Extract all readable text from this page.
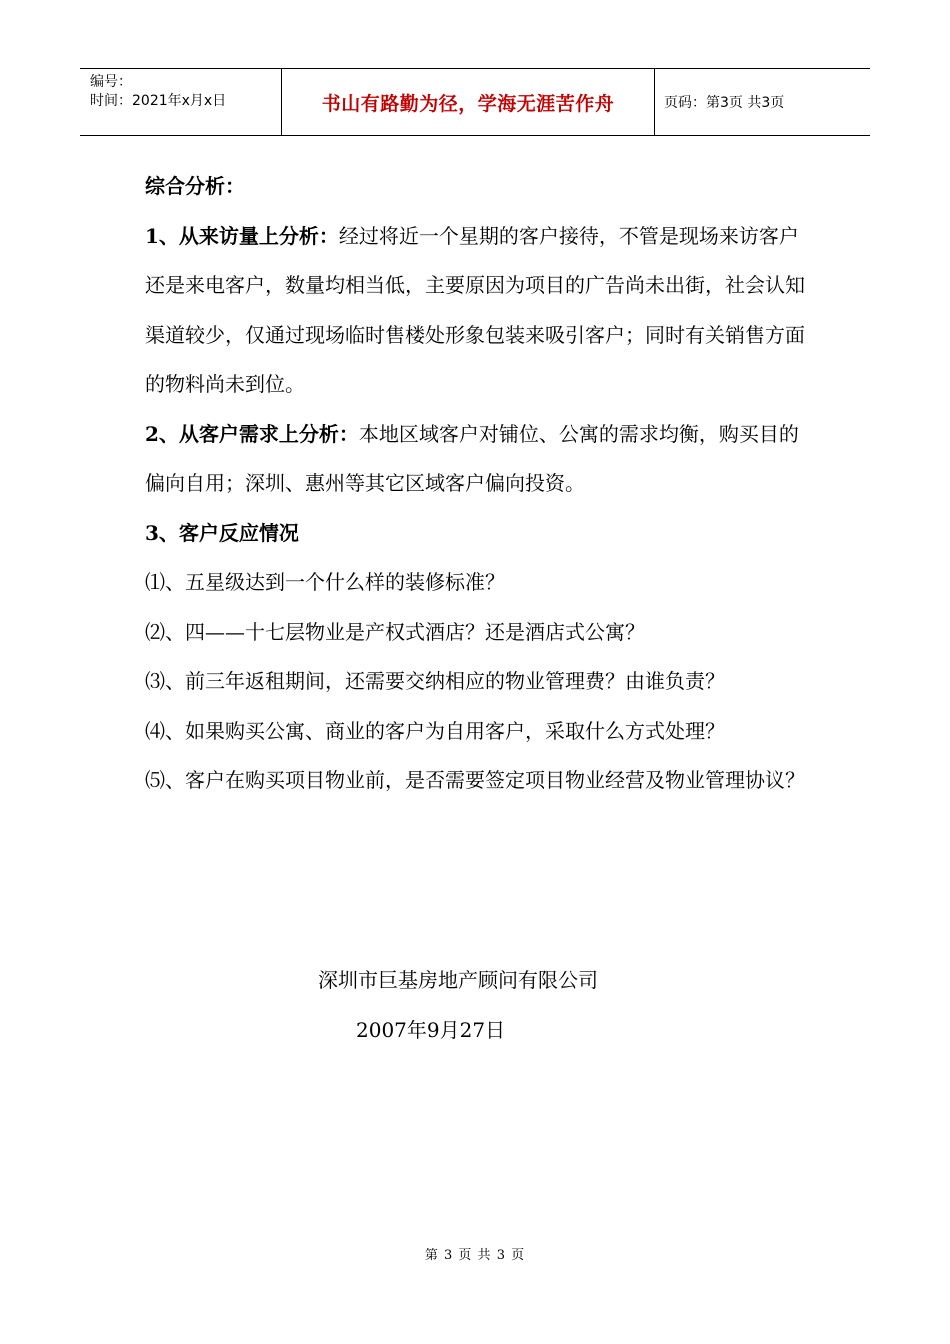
编号：
时间：2021年x月x日	书山有路勤为径，学海无涯苦作舟	页码：第3页 共3页

综合分析：

1、从来访量上分析：经过将近一个星期的客户接待，不管是现场来访客户还是来电客户，数量均相当低，主要原因为项目的广告尚未出街，社会认知渠道较少，仅通过现场临时售楼处形象包装来吸引客户；同时有关销售方面的物料尚未到位。

2、从客户需求上分析：本地区域客户对铺位、公寓的需求均衡，购买目的偏向自用；深圳、惠州等其它区域客户偏向投资。

3、客户反应情况

⑴、五星级达到一个什么样的装修标准？

⑵、四——十七层物业是产权式酒店？还是酒店式公寓？

⑶、前三年返租期间，还需要交纳相应的物业管理费？由谁负责？

⑷、如果购买公寓、商业的客户为自用客户，采取什么方式处理？

⑸、客户在购买项目物业前，是否需要签定项目物业经营及物业管理协议？

深圳市巨基房地产顾问有限公司
2007年9月27日
第 3 页 共 3 页
